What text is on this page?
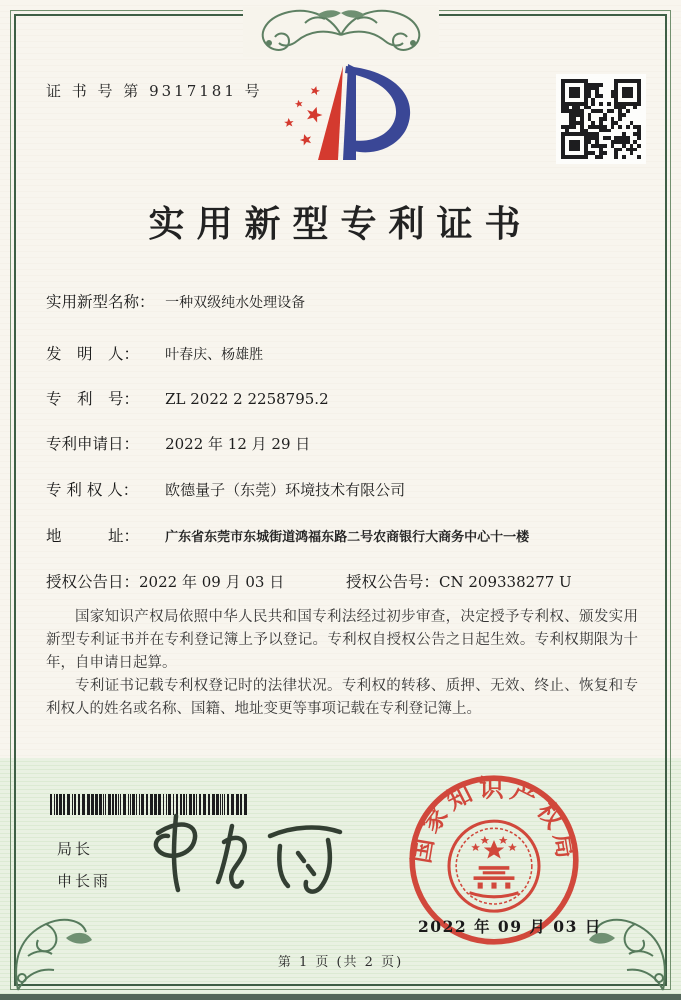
证 书 号 第 9317181 号
实用新型专利证书
实用新型名称： 一种双级纯水处理设备
发　明　人： 叶春庆、杨雄胜
专　利　号： ZL 2022 2 2258795.2
专利申请日： 2022 年 12 月 29 日
专 利 权 人： 欧德量子（东莞）环境技术有限公司
地　　　址： 广东省东莞市东城街道鸿福东路二号农商银行大商务中心十一楼
授权公告日：2022 年 09 月 03 日	授权公告号：CN 209338277 U

国家知识产权局依照中华人民共和国专利法经过初步审查，决定授予专利权、颁发实用新型专利证书并在专利登记簿上予以登记。专利权自授权公告之日起生效。专利权期限为十年，自申请日起算。

专利证书记载专利权登记时的法律状况。专利权的转移、质押、无效、终止、恢复和专利权人的姓名或名称、国籍、地址变更等事项记载在专利登记簿上。

局长
申长雨
国家知识产权局
2022 年 09 月 03 日
第 1 页 (共 2 页)
